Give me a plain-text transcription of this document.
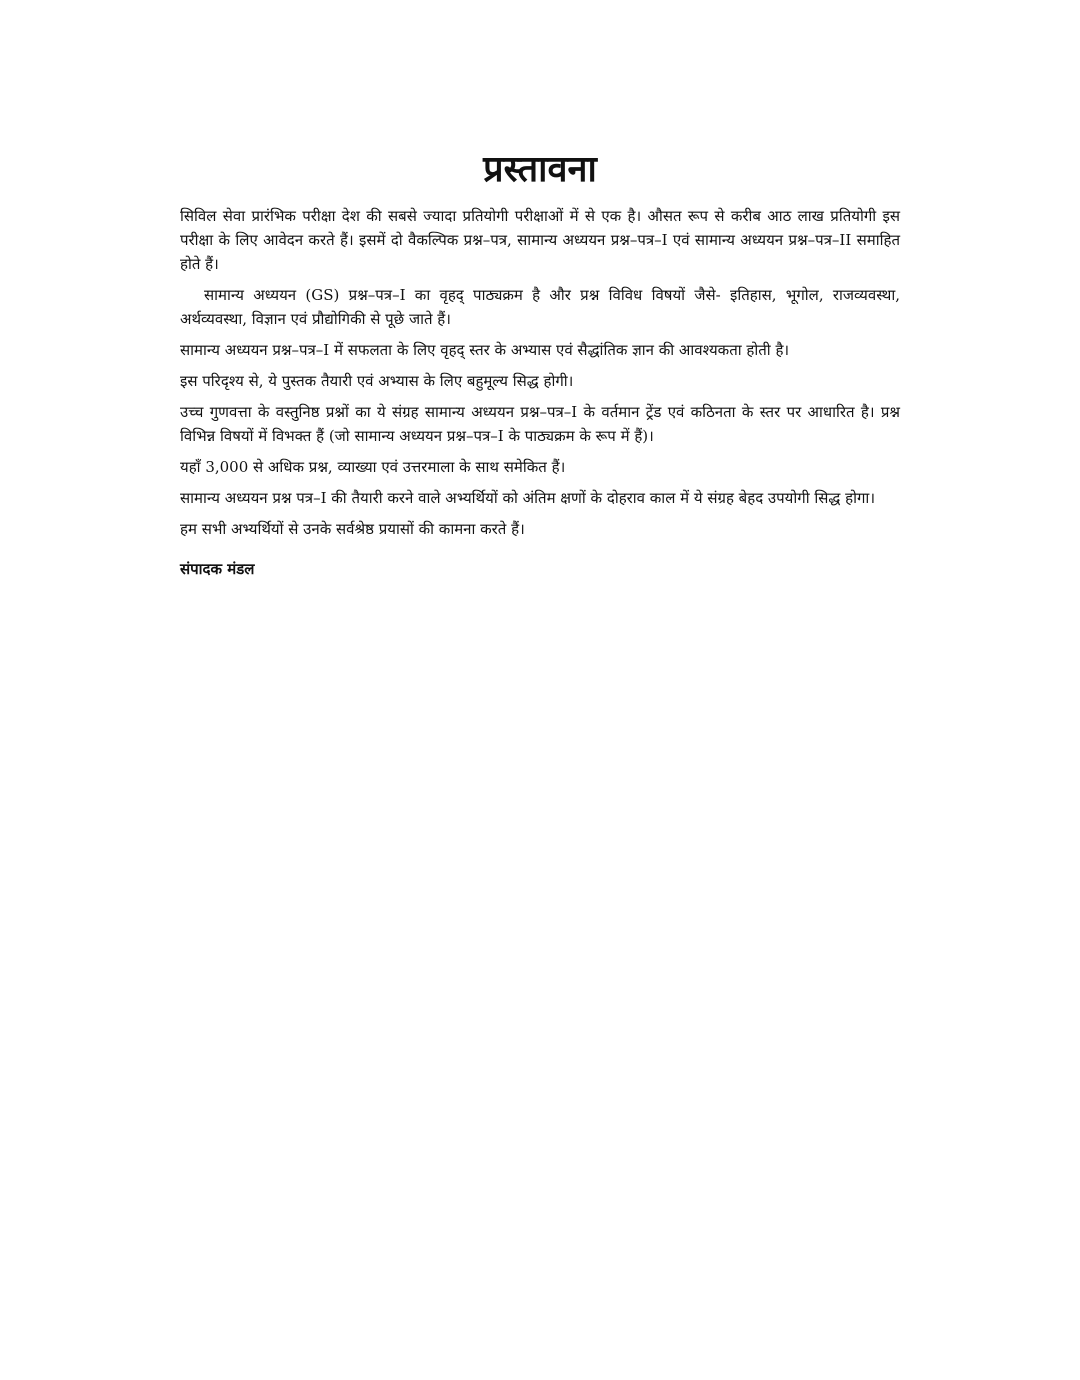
प्रस्तावना

सिविल सेवा प्रारंभिक परीक्षा देश की सबसे ज्यादा प्रतियोगी परीक्षाओं में से एक है। औसत रूप से करीब आठ लाख प्रतियोगी इस परीक्षा के लिए आवेदन करते हैं। इसमें दो वैकल्पिक प्रश्न–पत्र, सामान्य अध्ययन प्रश्न–पत्र–I एवं सामान्य अध्ययन प्रश्न–पत्र–II समाहित होते हैं।

सामान्य अध्ययन (GS) प्रश्न–पत्र–I का वृहद् पाठ्यक्रम है और प्रश्न विविध विषयों जैसे- इतिहास, भूगोल, राजव्यवस्था, अर्थव्यवस्था, विज्ञान एवं प्रौद्योगिकी से पूछे जाते हैं।

सामान्य अध्ययन प्रश्न–पत्र–I में सफलता के लिए वृहद् स्तर के अभ्यास एवं सैद्धांतिक ज्ञान की आवश्यकता होती है।

इस परिदृश्य से, ये पुस्तक तैयारी एवं अभ्यास के लिए बहुमूल्य सिद्ध होगी।

उच्च गुणवत्ता के वस्तुनिष्ठ प्रश्नों का ये संग्रह सामान्य अध्ययन प्रश्न–पत्र–I के वर्तमान ट्रेंड एवं कठिनता के स्तर पर आधारित है। प्रश्न विभिन्न विषयों में विभक्त हैं (जो सामान्य अध्ययन प्रश्न–पत्र–I के पाठ्यक्रम के रूप में हैं)।

यहाँ 3,000 से अधिक प्रश्न, व्याख्या एवं उत्तरमाला के साथ समेकित हैं।

सामान्य अध्ययन प्रश्न पत्र–I की तैयारी करने वाले अभ्यर्थियों को अंतिम क्षणों के दोहराव काल में ये संग्रह बेहद उपयोगी सिद्ध होगा।

हम सभी अभ्यर्थियों से उनके सर्वश्रेष्ठ प्रयासों की कामना करते हैं।

संपादक मंडल
